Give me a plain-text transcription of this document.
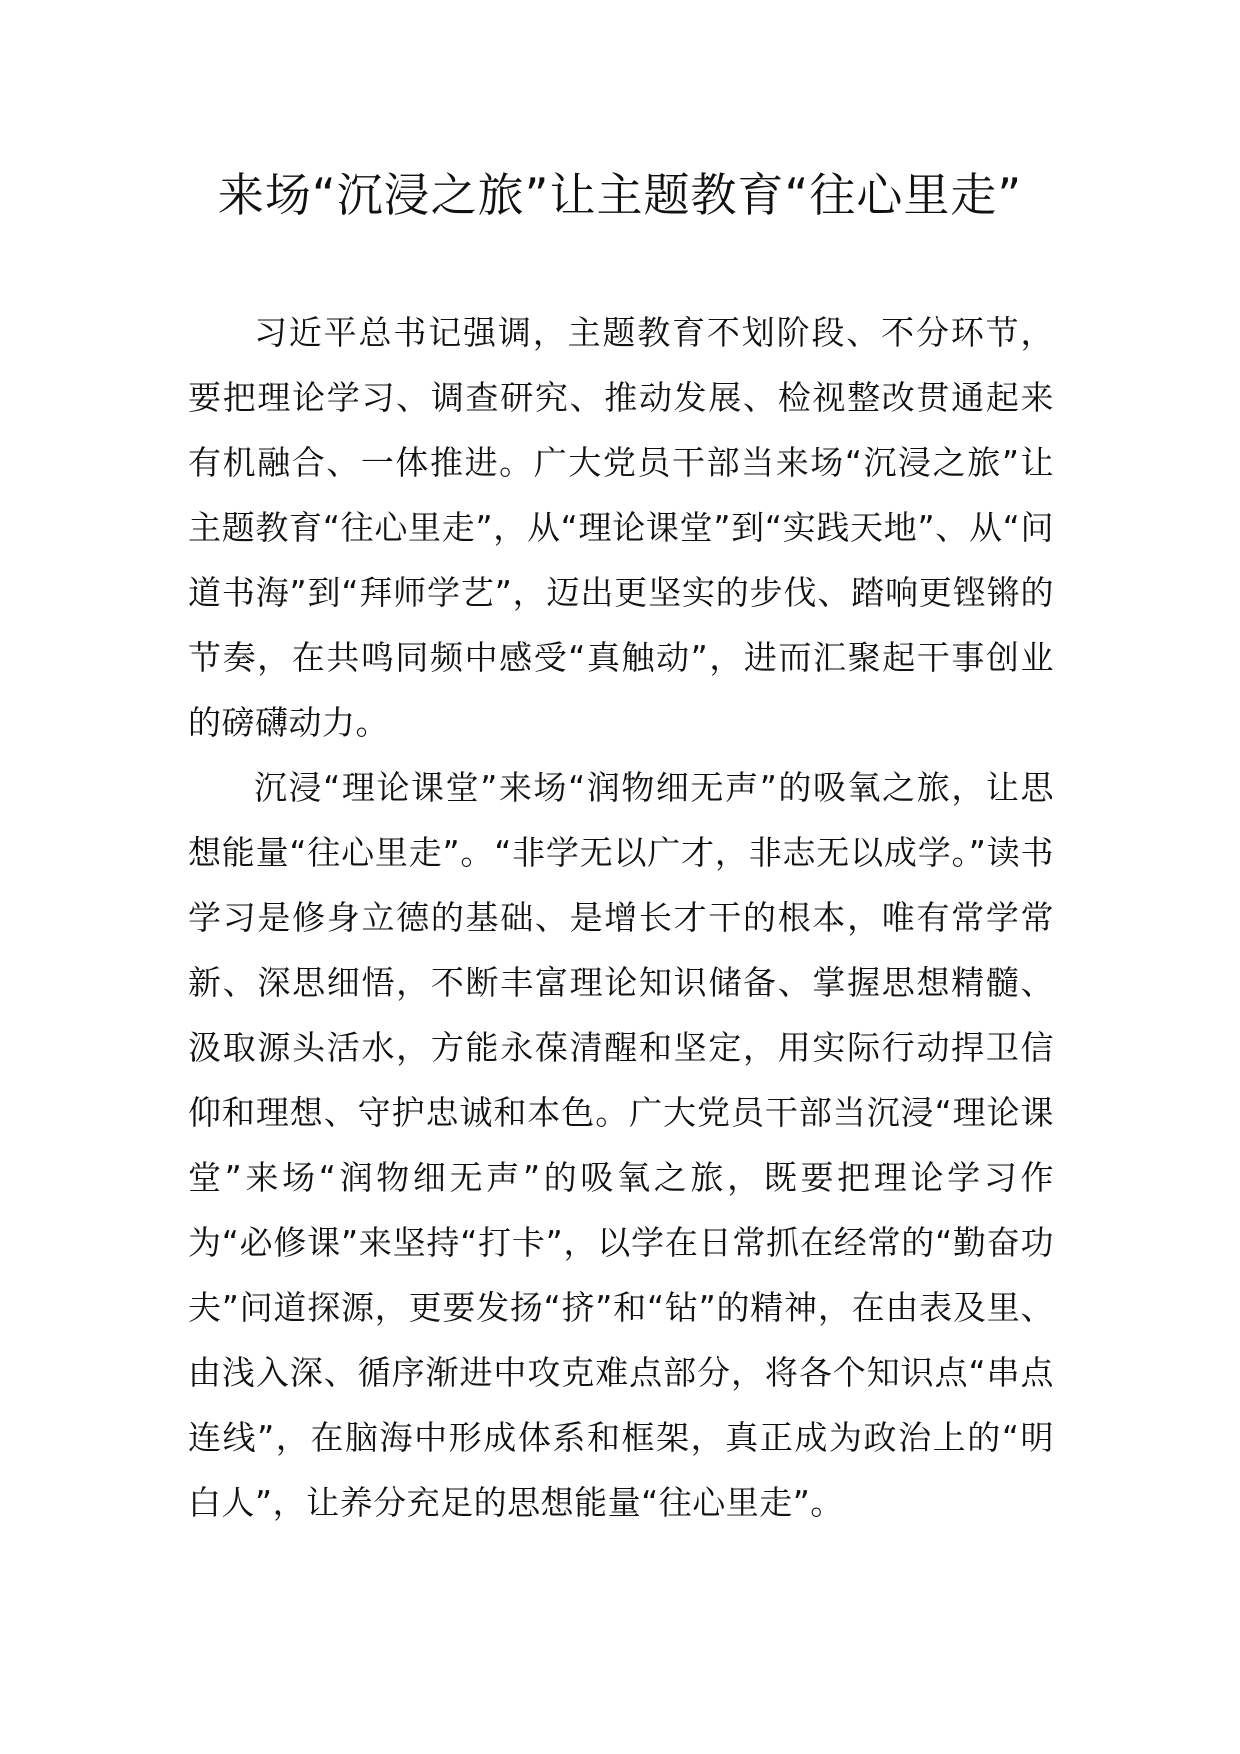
来场“沉浸之旅”让主题教育“往心里走”

习近平总书记强调，主题教育不划阶段、不分环节，要把理论学习、调查研究、推动发展、检视整改贯通起来有机融合、一体推进。广大党员干部当来场“沉浸之旅”让主题教育“往心里走”，从“理论课堂”到“实践天地”、从“问道书海”到“拜师学艺”，迈出更坚实的步伐、踏响更铿锵的节奏，在共鸣同频中感受“真触动”，进而汇聚起干事创业的磅礴动力。

沉浸“理论课堂”来场“润物细无声”的吸氧之旅，让思想能量“往心里走”。“非学无以广才，非志无以成学。”读书学习是修身立德的基础、是增长才干的根本，唯有常学常新、深思细悟，不断丰富理论知识储备、掌握思想精髓、汲取源头活水，方能永葆清醒和坚定，用实际行动捍卫信仰和理想、守护忠诚和本色。广大党员干部当沉浸“理论课堂”来场“润物细无声”的吸氧之旅，既要把理论学习作为“必修课”来坚持“打卡”，以学在日常抓在经常的“勤奋功夫”问道探源，更要发扬“挤”和“钻”的精神，在由表及里、由浅入深、循序渐进中攻克难点部分，将各个知识点“串点连线”，在脑海中形成体系和框架，真正成为政治上的“明白人”，让养分充足的思想能量“往心里走”。
